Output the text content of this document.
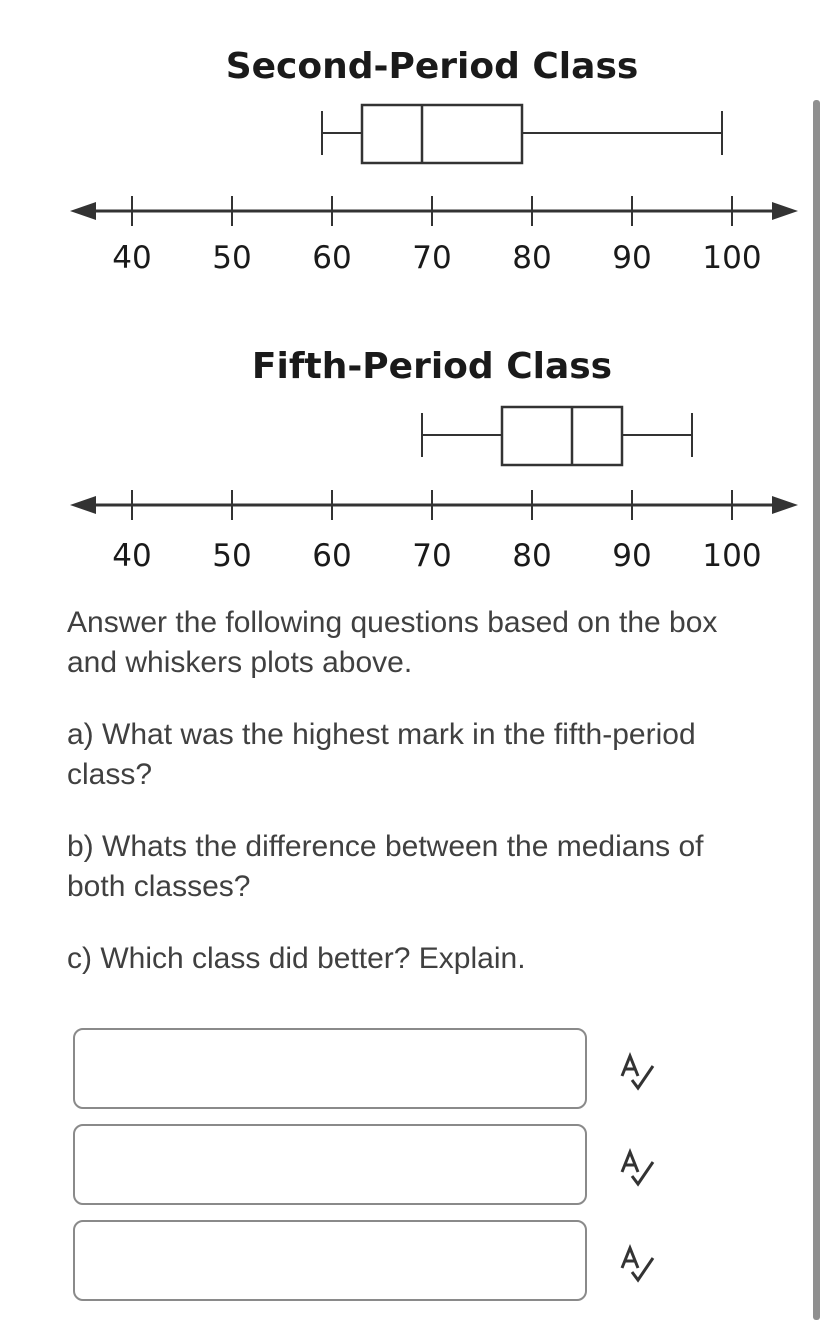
Second-Period Class
40 50 60 70 80 90 100
Fifth-Period Class
40 50 60 70 80 90 100

Answer the following questions based on the box and whiskers plots above.

a) What was the highest mark in the fifth-period class?

b) Whats the difference between the medians of both classes?

c) Which class did better? Explain.
